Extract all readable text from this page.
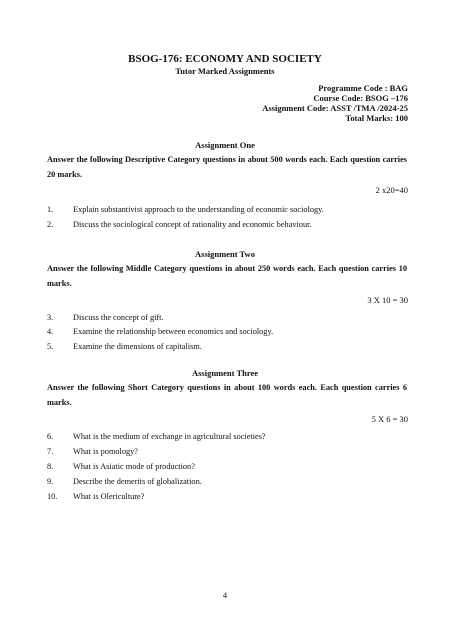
BSOG-176: ECONOMY AND SOCIETY
Tutor Marked Assignments
Programme Code : BAG
Course Code: BSOG –176
Assignment Code: ASST /TMA /2024-25
Total Marks: 100
Assignment One
Answer the following Descriptive Category questions in about 500 words each. Each question carries 20 marks.
2 x20=40
1.	Explain substantivist approach to the understanding of economic sociology.
2.	Discuss the sociological concept of rationality and economic behaviour.
Assignment Two
Answer the following Middle Category questions in about 250 words each. Each question carries 10 marks.
3 X 10 = 30
3.	Discuss the concept of gift.
4.	Examine the relationship between economics and sociology.
5.	Examine the dimensions of capitalism.
Assignment Three
Answer the following Short Category questions in about 100 words each. Each question carries 6 marks.
5 X 6 = 30
6.	What is the medium of exchange in agricultural societies?
7.	What is pomology?
8.	What is Asiatic mode of production?
9.	Describe the demerits of globalization.
10.	What is Olericulture?
4
